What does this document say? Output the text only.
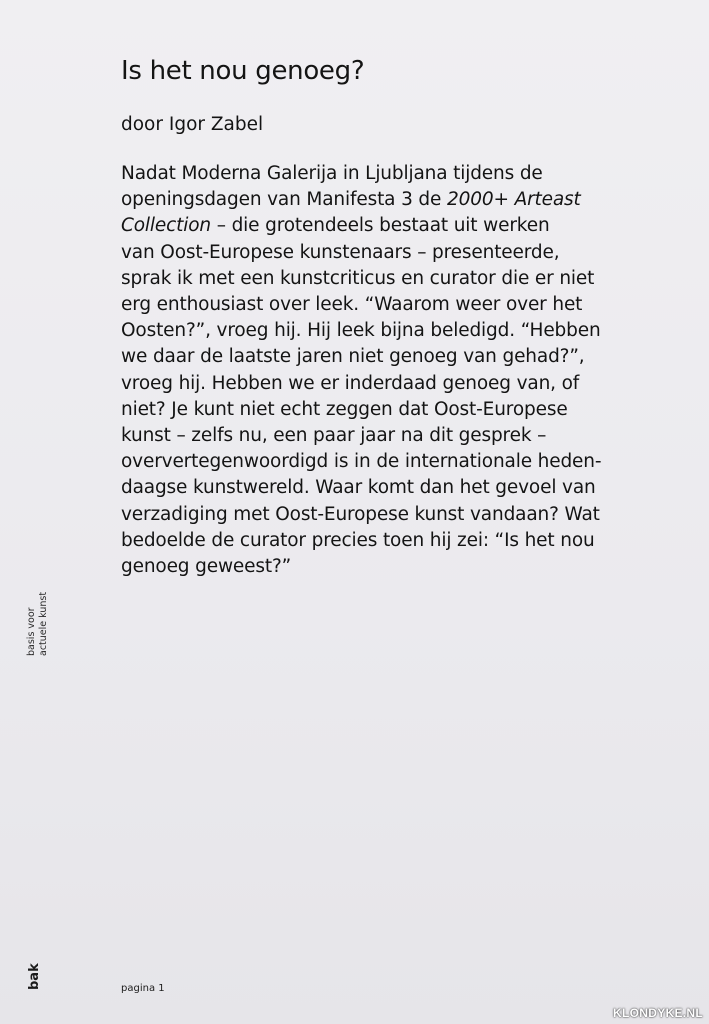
Is het nou genoeg?
door Igor Zabel
Nadat Moderna Galerija in Ljubljana tijdens de
openingsdagen van Manifesta 3 de 2000+ Arteast
Collection – die grotendeels bestaat uit werken
van Oost-Europese kunstenaars – presenteerde,
sprak ik met een kunstcriticus en curator die er niet
erg enthousiast over leek. “Waarom weer over het
Oosten?”, vroeg hij. Hij leek bijna beledigd. “Hebben
we daar de laatste jaren niet genoeg van gehad?”,
vroeg hij. Hebben we er inderdaad genoeg van, of
niet? Je kunt niet echt zeggen dat Oost-Europese
kunst – zelfs nu, een paar jaar na dit gesprek –
oververtegenwoordigd is in de internationale heden-
daagse kunstwereld. Waar komt dan het gevoel van
verzadiging met Oost-Europese kunst vandaan? Wat
bedoelde de curator precies toen hij zei: “Is het nou
genoeg geweest?”
basis voor actuele kunst
bak	pagina 1
KLONDYKE.NL
